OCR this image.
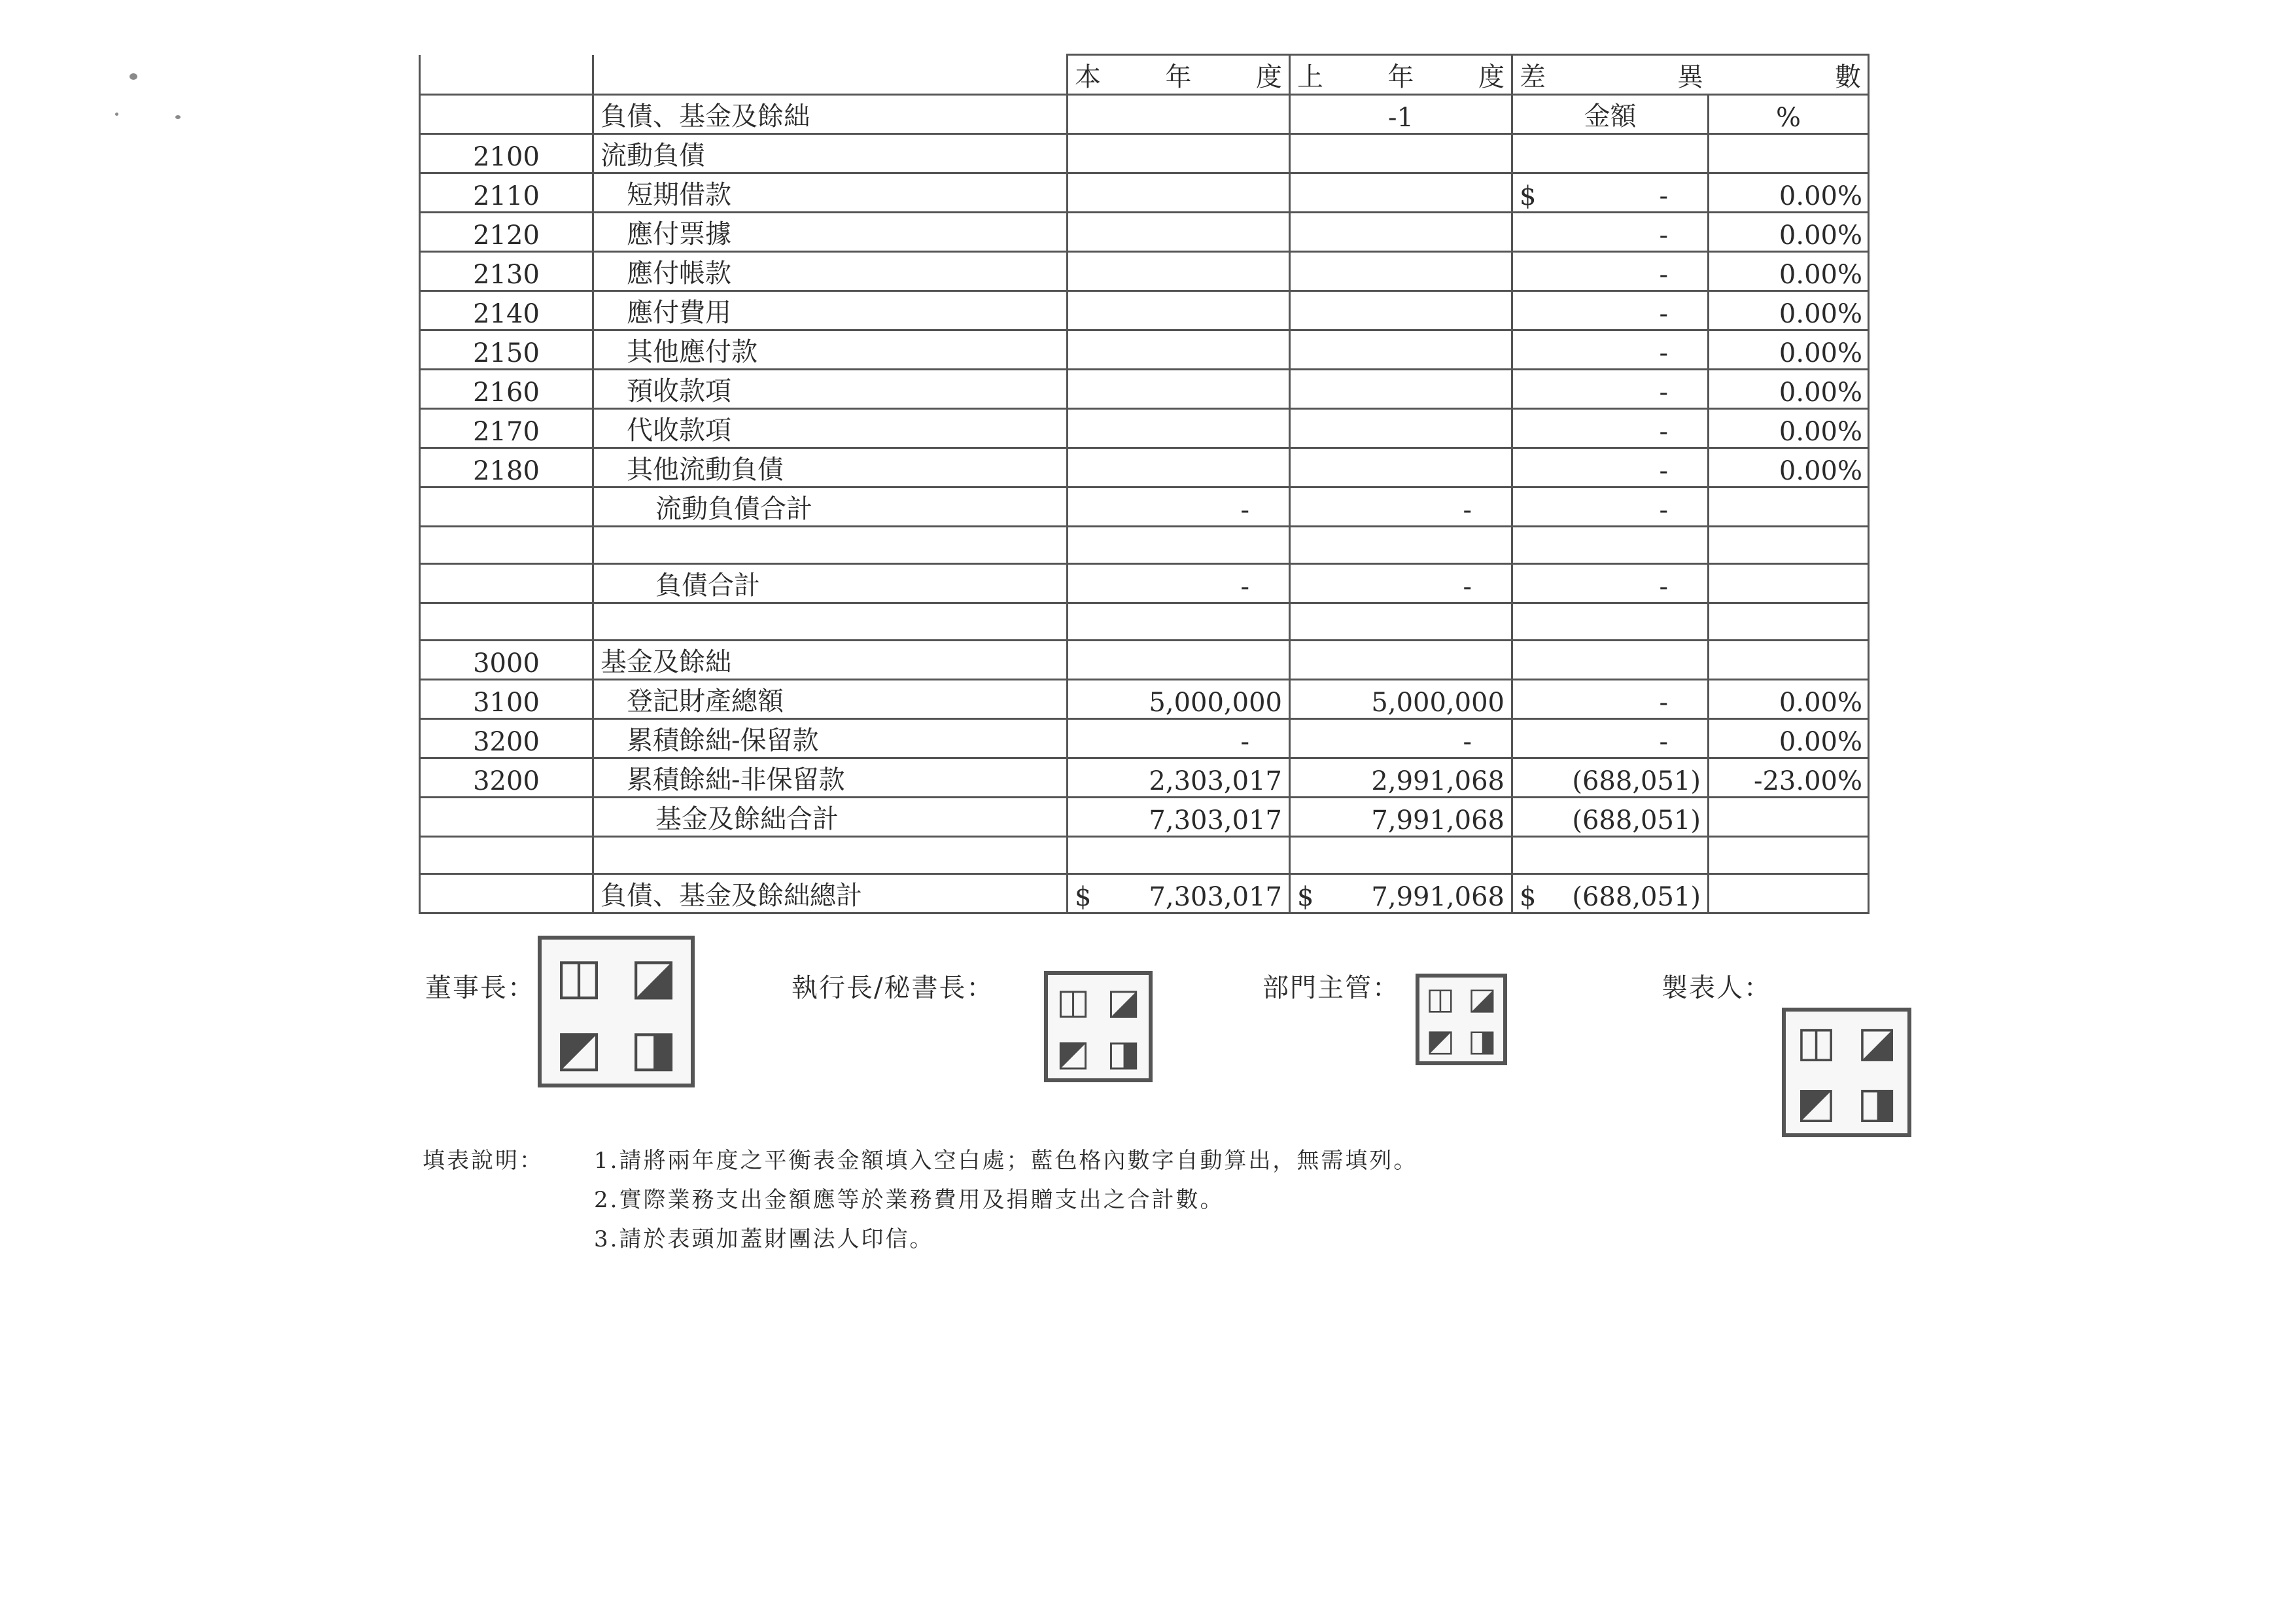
		本 年 度	上 年 度	差 異 數	

	負債、基金及餘絀		-1	金額	%
2100	流動負債				
2110	短期借款			$ -	0.00%
2120	應付票據			-	0.00%
2130	應付帳款			-	0.00%
2140	應付費用			-	0.00%
2150	其他應付款			-	0.00%
2160	預收款項			-	0.00%
2170	代收款項			-	0.00%
2180	其他流動負債			-	0.00%
	流動負債合計	-	-	-	

	負債合計	-	-	-	

3000	基金及餘絀				
3100	登記財產總額	5,000,000	5,000,000	-	0.00%
3200	累積餘絀-保留款	-	-	-	0.00%
3200	累積餘絀-非保留款	2,303,017	2,991,068	(688,051)	-23.00%
	基金及餘絀合計	7,303,017	7,991,068	(688,051)	

	負債、基金及餘絀總計	$ 7,303,017	$ 7,991,068	$ (688,051)	

董事長： ◫ ◪
◩ ◨
執行長/秘書長： ◫ ◪
◩ ◨
部門主管： ◫ ◪
◩ ◨
製表人：
◫ ◪
◩ ◨
填表說明：	1.請將兩年度之平衡表金額填入空白處；藍色格內數字自動算出，無需填列。
2.實際業務支出金額應等於業務費用及捐贈支出之合計數。
3.請於表頭加蓋財團法人印信。
